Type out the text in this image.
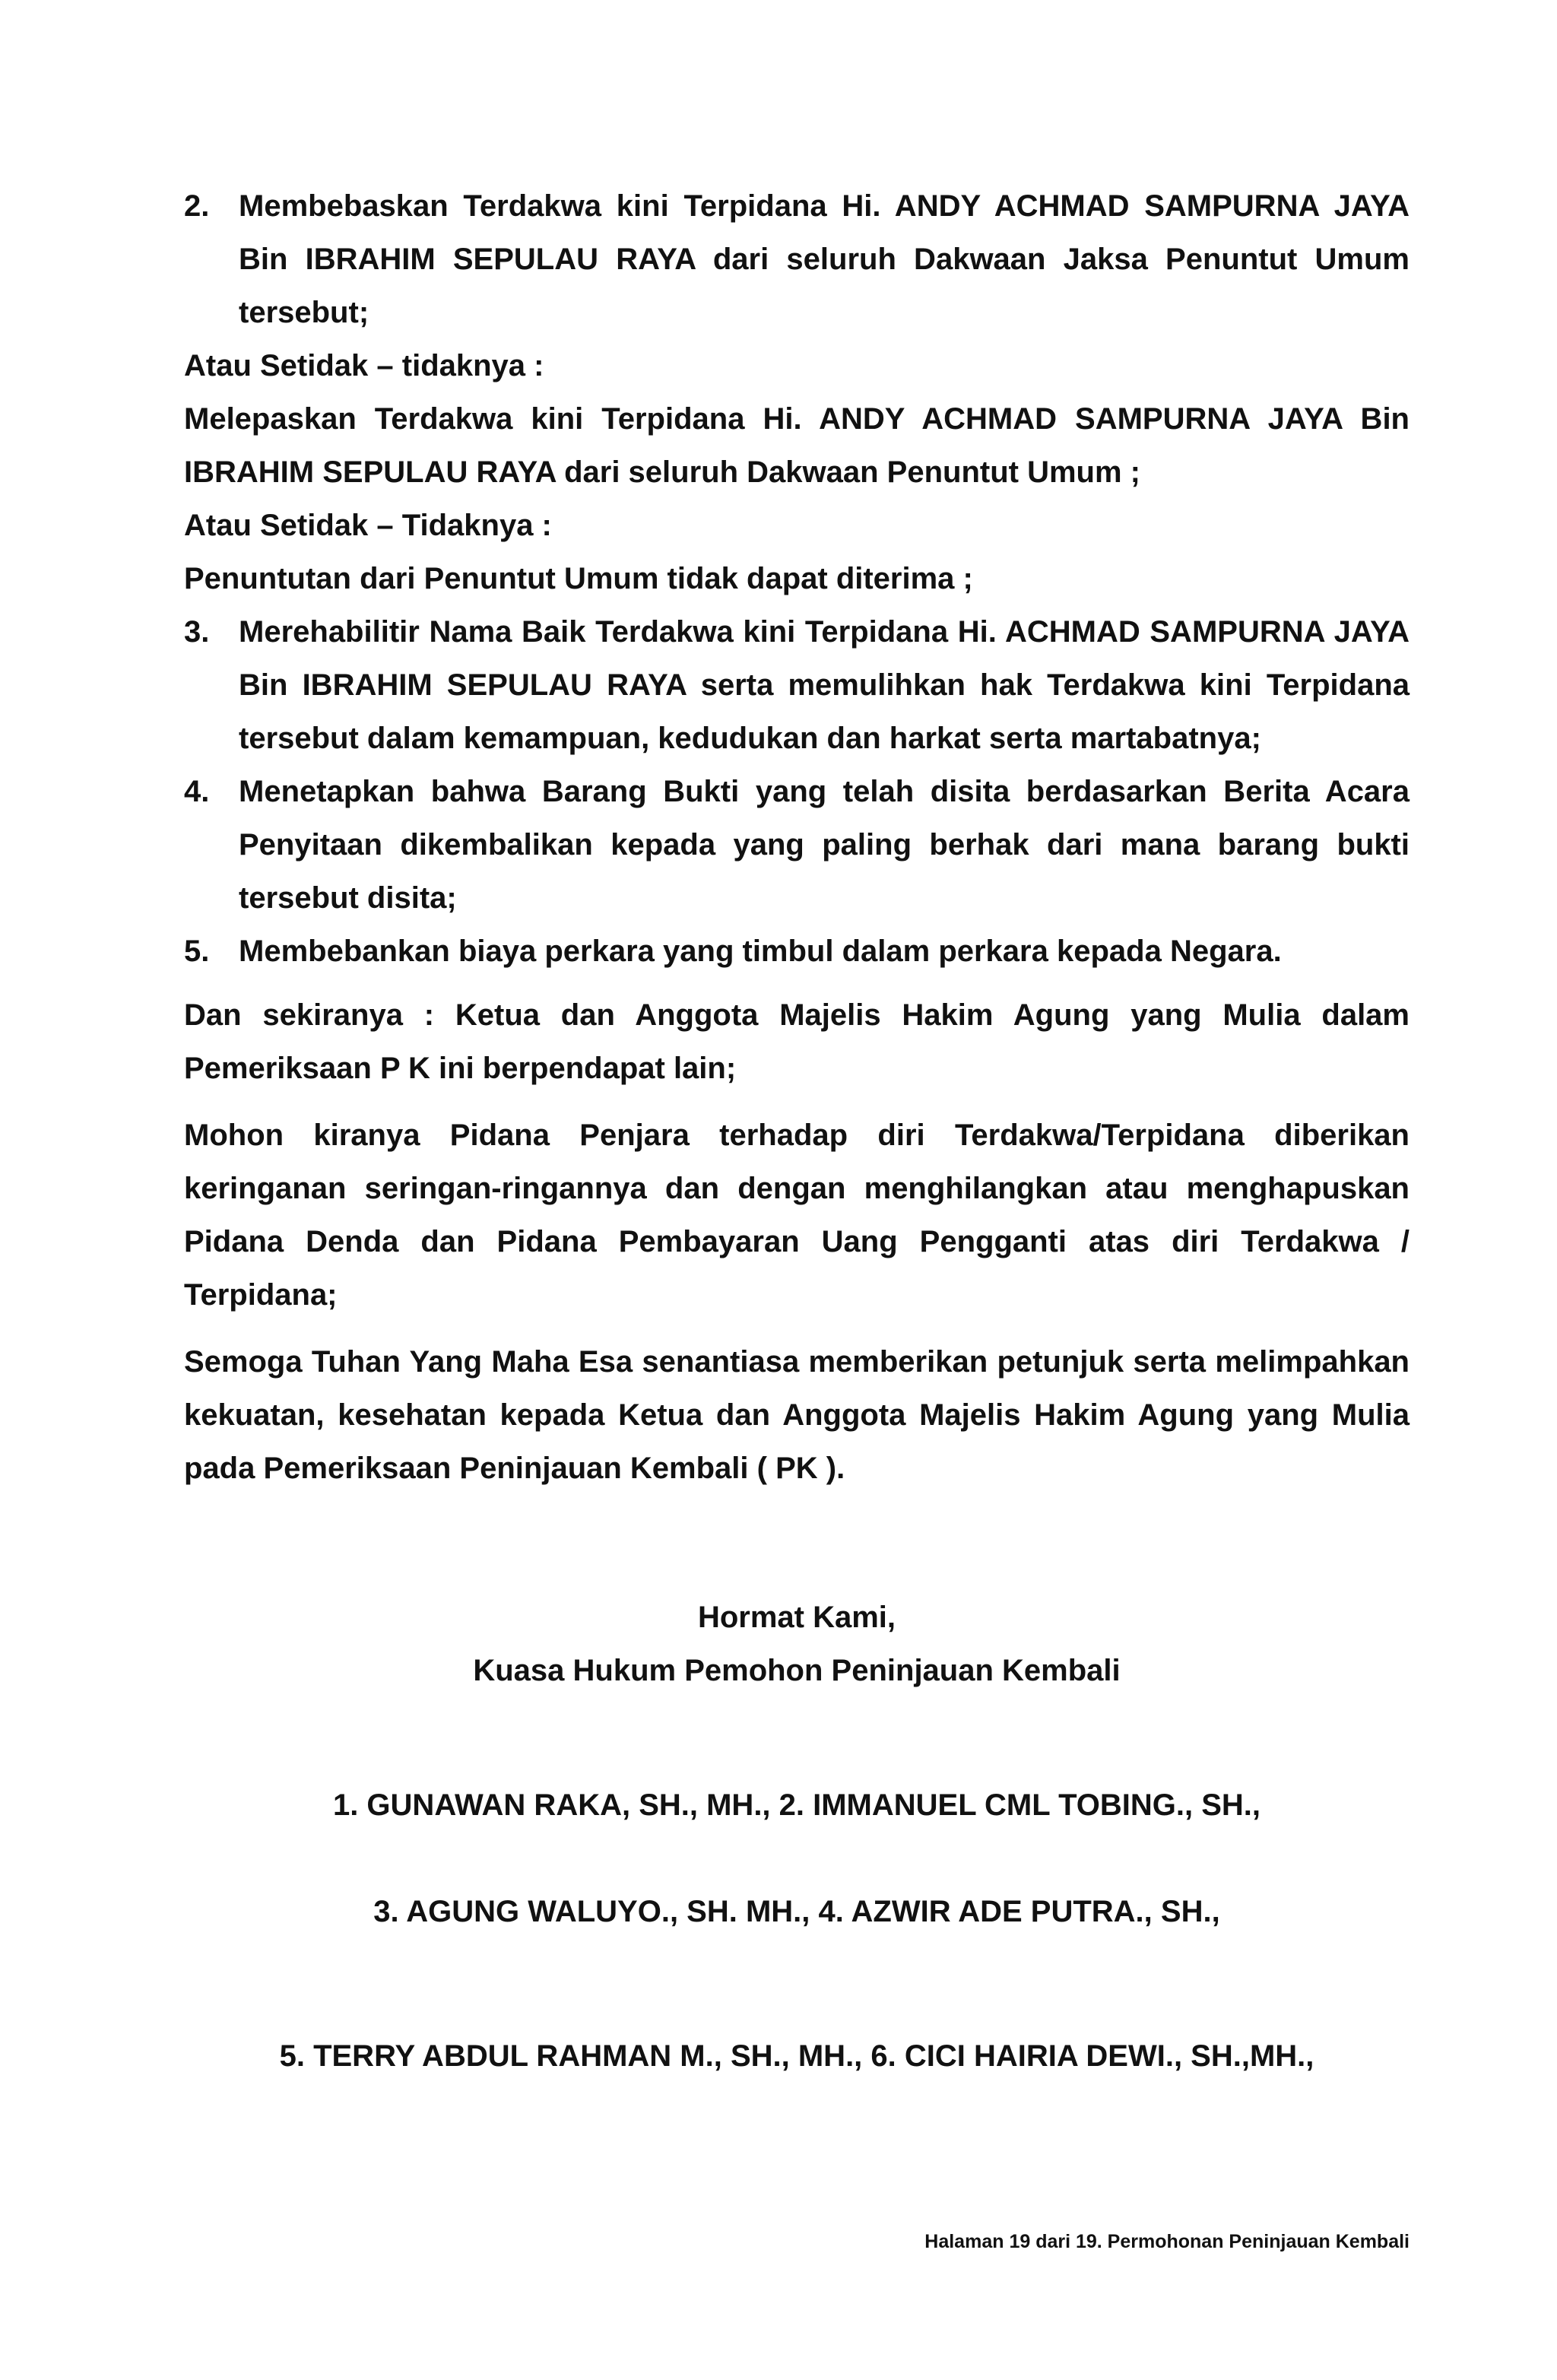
2. Membebaskan Terdakwa kini Terpidana Hi. ANDY ACHMAD SAMPURNA JAYA Bin IBRAHIM SEPULAU RAYA dari seluruh Dakwaan Jaksa Penuntut Umum tersebut;
Atau Setidak – tidaknya :
Melepaskan Terdakwa kini Terpidana Hi. ANDY ACHMAD SAMPURNA JAYA Bin IBRAHIM SEPULAU RAYA dari seluruh Dakwaan Penuntut Umum ;
Atau Setidak – Tidaknya :
Penuntutan dari Penuntut Umum tidak dapat diterima ;
3. Merehabilitir Nama Baik Terdakwa kini Terpidana Hi. ACHMAD SAMPURNA JAYA Bin IBRAHIM SEPULAU RAYA serta memulihkan hak Terdakwa kini Terpidana tersebut dalam kemampuan, kedudukan dan harkat serta martabatnya;
4. Menetapkan bahwa Barang Bukti yang telah disita berdasarkan Berita Acara Penyitaan dikembalikan kepada yang paling berhak dari mana barang bukti tersebut disita;
5. Membebankan biaya perkara yang timbul dalam perkara kepada Negara.
Dan sekiranya : Ketua dan Anggota Majelis Hakim Agung yang Mulia dalam Pemeriksaan P K ini berpendapat lain;
Mohon kiranya Pidana Penjara terhadap diri Terdakwa/Terpidana diberikan keringanan seringan-ringannya dan dengan menghilangkan atau menghapuskan Pidana Denda dan Pidana Pembayaran Uang Pengganti atas diri Terdakwa / Terpidana;
Semoga Tuhan Yang Maha Esa senantiasa memberikan petunjuk serta melimpahkan kekuatan, kesehatan kepada Ketua dan Anggota Majelis Hakim Agung yang Mulia pada Pemeriksaan Peninjauan Kembali ( PK ).
Hormat Kami,
Kuasa Hukum Pemohon Peninjauan Kembali
1. GUNAWAN RAKA, SH., MH., 2. IMMANUEL CML TOBING., SH.,
3. AGUNG WALUYO., SH. MH., 4. AZWIR ADE PUTRA., SH.,
5. TERRY ABDUL RAHMAN M., SH., MH., 6. CICI HAIRIA DEWI., SH.,MH.,
Halaman 19 dari 19. Permohonan Peninjauan Kembali
